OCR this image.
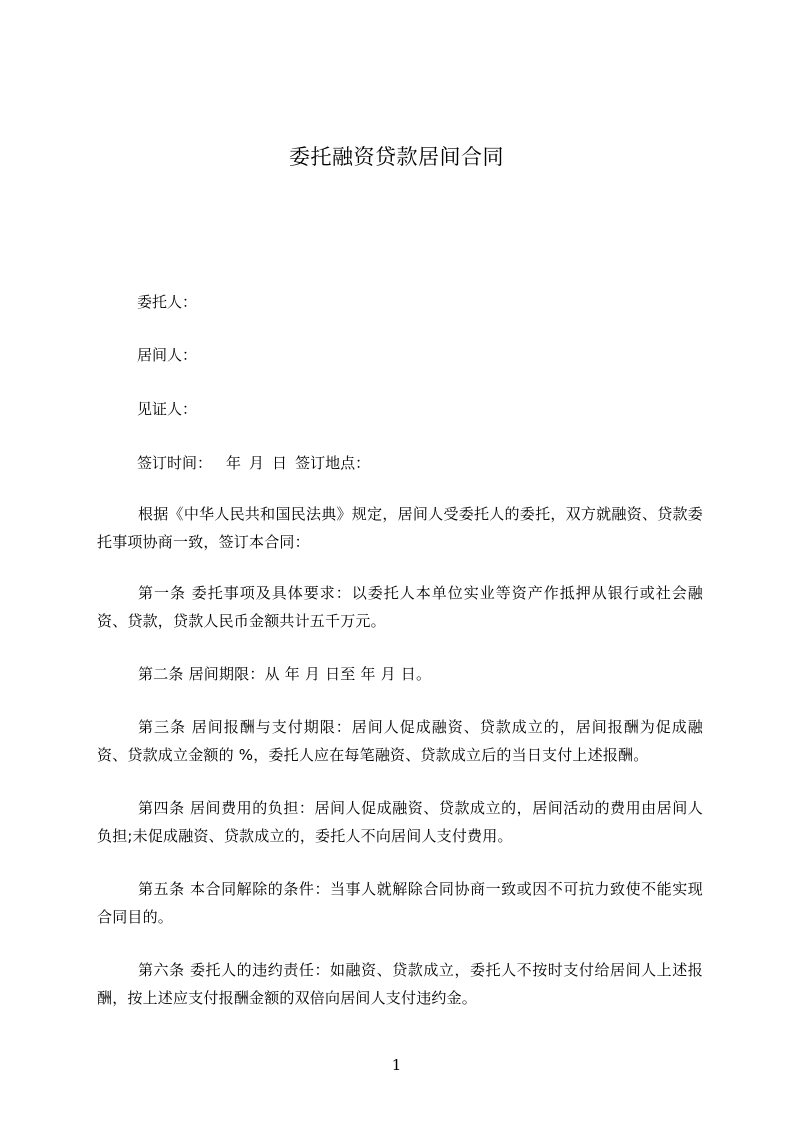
委托融资贷款居间合同
委托人：
居间人：
见证人：
签订时间： 年 月 日 签订地点：
根据《中华人民共和国民法典》规定，居间人受委托人的委托，双方就融资、贷款委托事项协商一致，签订本合同：
第一条 委托事项及具体要求：以委托人本单位实业等资产作抵押从银行或社会融资、贷款，贷款人民币金额共计五千万元。
第二条 居间期限：从 年 月 日至 年 月 日。
第三条 居间报酬与支付期限：居间人促成融资、贷款成立的，居间报酬为促成融资、贷款成立金额的 %，委托人应在每笔融资、贷款成立后的当日支付上述报酬。
第四条 居间费用的负担：居间人促成融资、贷款成立的，居间活动的费用由居间人负担;未促成融资、贷款成立的，委托人不向居间人支付费用。
第五条 本合同解除的条件：当事人就解除合同协商一致或因不可抗力致使不能实现合同目的。
第六条 委托人的违约责任：如融资、贷款成立，委托人不按时支付给居间人上述报酬，按上述应支付报酬金额的双倍向居间人支付违约金。
1
